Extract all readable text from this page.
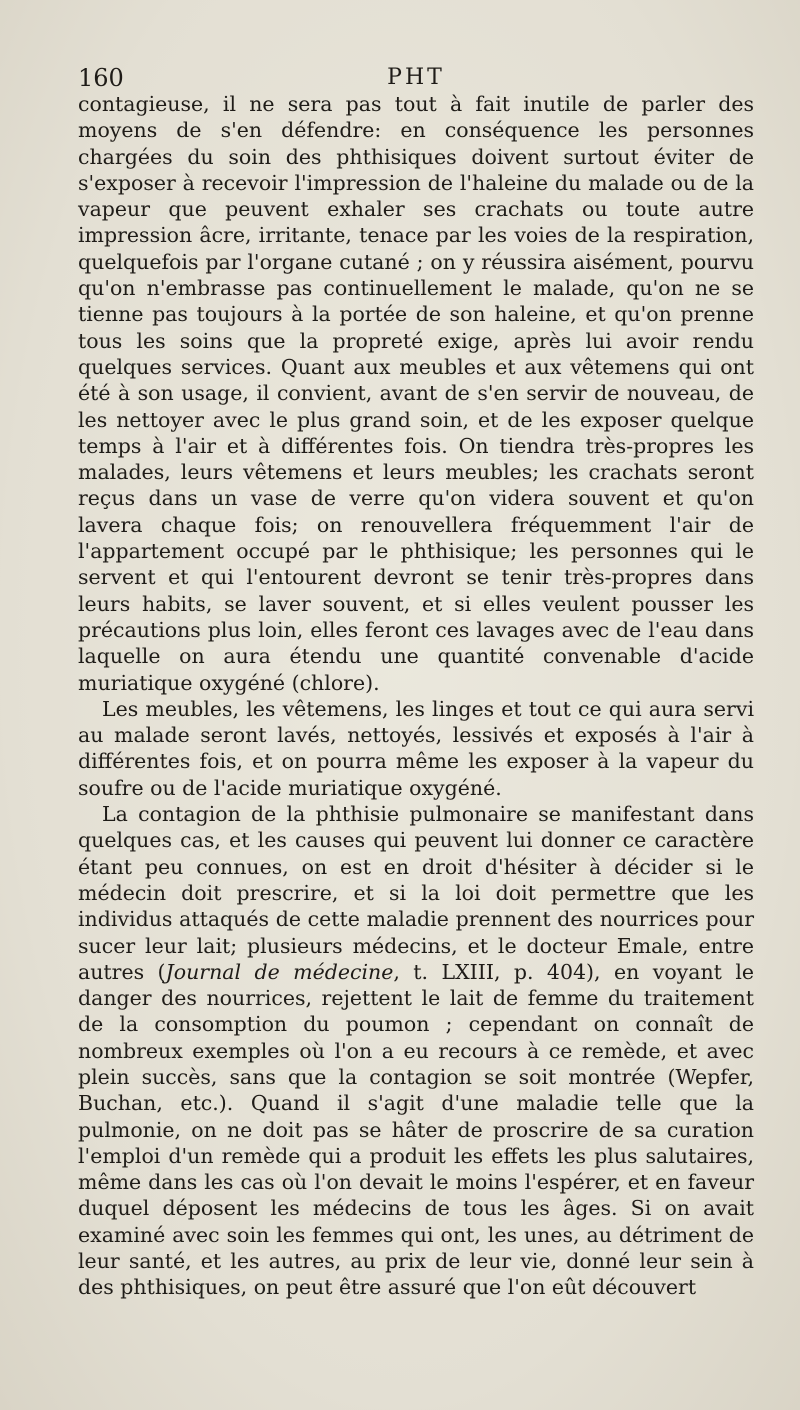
160	PHT

contagieuse, il ne sera pas tout à fait inutile de parler des moyens de s'en défendre: en conséquence les personnes chargées du soin des phthisiques doivent surtout éviter de s'exposer à recevoir l'impression de l'haleine du malade ou de la vapeur que peuvent exhaler ses crachats ou toute autre impression âcre, irritante, tenace par les voies de la respiration, quelquefois par l'organe cutané ; on y réussira aisément, pourvu qu'on n'embrasse pas continuellement le malade, qu'on ne se tienne pas toujours à la portée de son haleine, et qu'on prenne tous les soins que la propreté exige, après lui avoir rendu quelques services. Quant aux meubles et aux vêtemens qui ont été à son usage, il convient, avant de s'en servir de nouveau, de les nettoyer avec le plus grand soin, et de les exposer quelque temps à l'air et à différentes fois. On tiendra très-propres les malades, leurs vêtemens et leurs meubles; les crachats seront reçus dans un vase de verre qu'on videra souvent et qu'on lavera chaque fois; on renouvellera fréquemment l'air de l'appartement occupé par le phthisique; les personnes qui le servent et qui l'entourent devront se tenir très-propres dans leurs habits, se laver souvent, et si elles veulent pousser les précautions plus loin, elles feront ces lavages avec de l'eau dans laquelle on aura étendu une quantité convenable d'acide muriatique oxygéné (chlore).

Les meubles, les vêtemens, les linges et tout ce qui aura servi au malade seront lavés, nettoyés, lessivés et exposés à l'air à différentes fois, et on pourra même les exposer à la vapeur du soufre ou de l'acide muriatique oxygéné.

La contagion de la phthisie pulmonaire se manifestant dans quelques cas, et les causes qui peuvent lui donner ce caractère étant peu connues, on est en droit d'hésiter à décider si le médecin doit prescrire, et si la loi doit permettre que les individus attaqués de cette maladie prennent des nourrices pour sucer leur lait; plusieurs médecins, et le docteur Emale, entre autres (Journal de médecine, t. LXIII, p. 404), en voyant le danger des nourrices, rejettent le lait de femme du traitement de la consomption du poumon ; cependant on connaît de nombreux exemples où l'on a eu recours à ce remède, et avec plein succès, sans que la contagion se soit montrée (Wepfer, Buchan, etc.). Quand il s'agit d'une maladie telle que la pulmonie, on ne doit pas se hâter de proscrire de sa curation l'emploi d'un remède qui a produit les effets les plus salutaires, même dans les cas où l'on devait le moins l'espérer, et en faveur duquel déposent les médecins de tous les âges. Si on avait examiné avec soin les femmes qui ont, les unes, au détriment de leur santé, et les autres, au prix de leur vie, donné leur sein à des phthisiques, on peut être assuré que l'on eût découvert
